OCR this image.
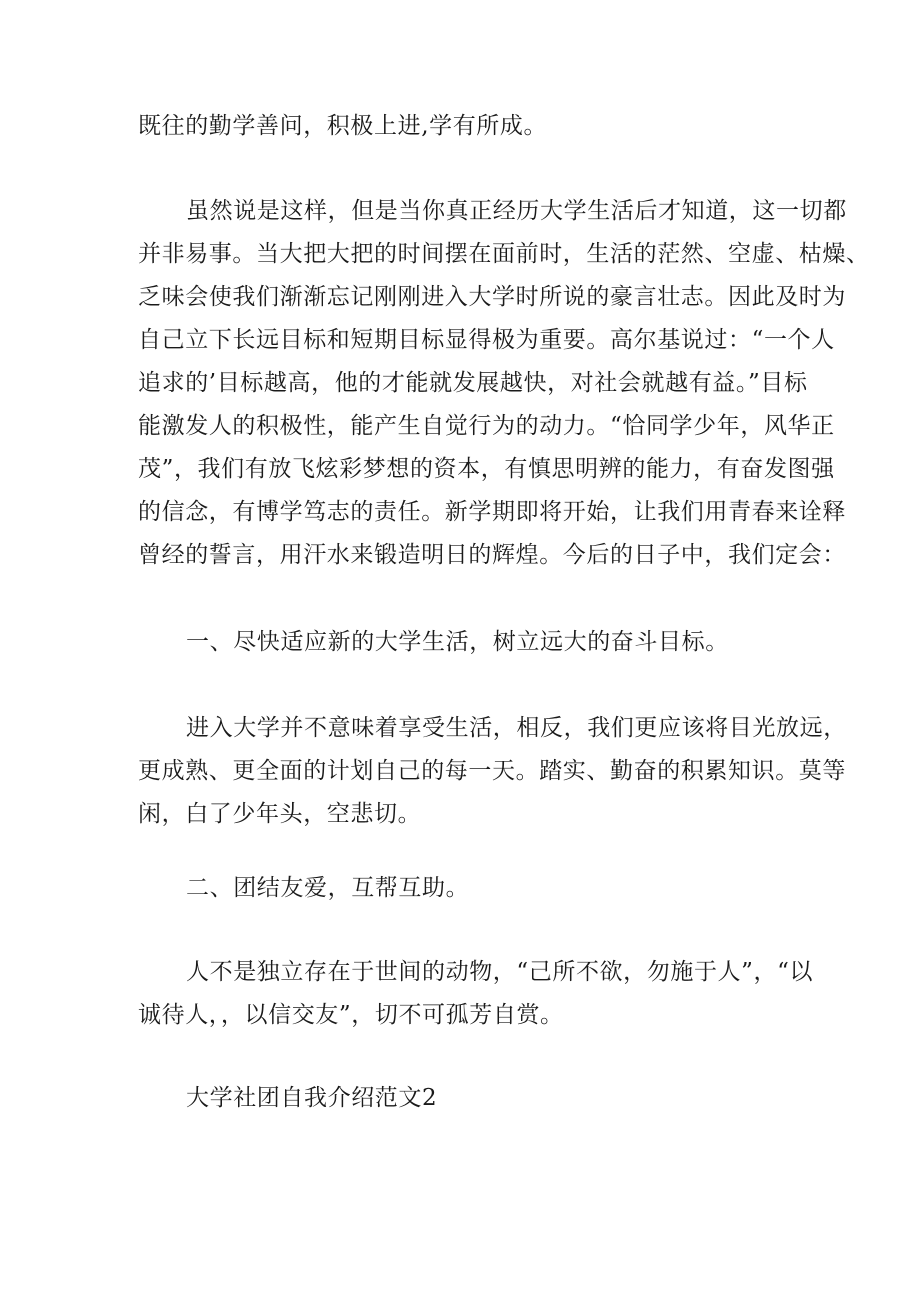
既往的勤学善问，积极上进,学有所成。
虽然说是这样，但是当你真正经历大学生活后才知道，这一切都
并非易事。当大把大把的时间摆在面前时，生活的茫然、空虚、枯燥、
乏味会使我们渐渐忘记刚刚进入大学时所说的豪言壮志。因此及时为
自己立下长远目标和短期目标显得极为重要。高尔基说过：“一个人
追求的’目标越高，他的才能就发展越快，对社会就越有益。”目标
能激发人的积极性，能产生自觉行为的动力。“恰同学少年，风华正
茂”，我们有放飞炫彩梦想的资本，有慎思明辨的能力，有奋发图强
的信念，有博学笃志的责任。新学期即将开始，让我们用青春来诠释
曾经的誓言，用汗水来锻造明日的辉煌。今后的日子中，我们定会：
一、尽快适应新的大学生活，树立远大的奋斗目标。
进入大学并不意味着享受生活，相反，我们更应该将目光放远，
更成熟、更全面的计划自己的每一天。踏实、勤奋的积累知识。莫等
闲，白了少年头，空悲切。
二、团结友爱，互帮互助。
人不是独立存在于世间的动物，“己所不欲，勿施于人”，“以
诚待人，，以信交友”，切不可孤芳自赏。
大学社团自我介绍范文2
